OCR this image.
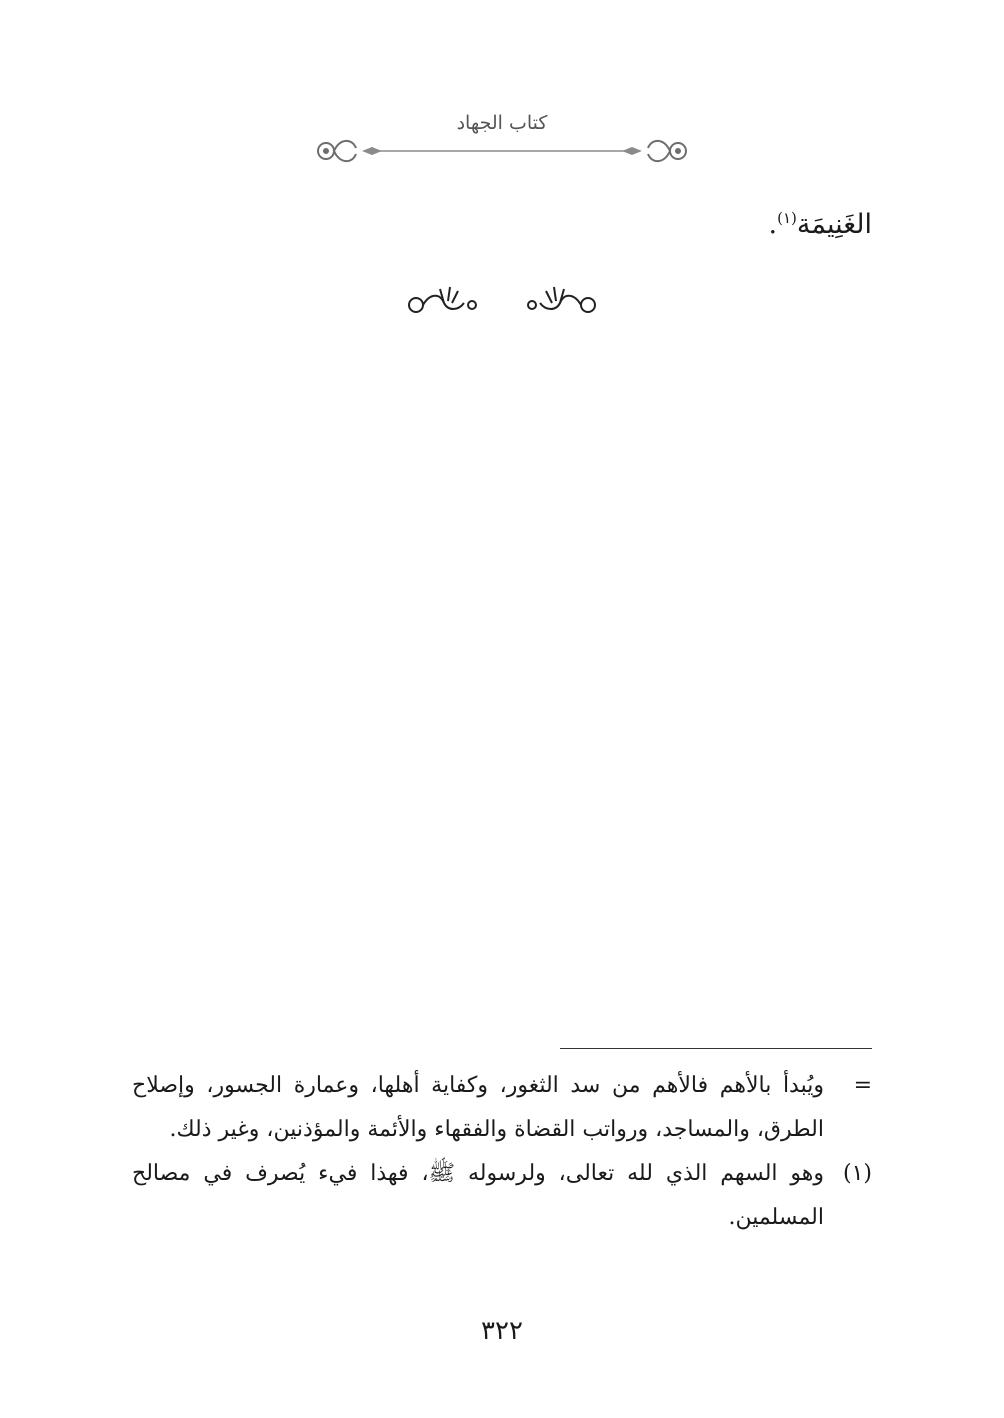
كتاب الجهاد
الغَنِيمَة$^{(١)}$.
=
ويُبدأ بالأهم فالأهم من سد الثغور، وكفاية أهلها، وعمارة الجسور، وإصلاح الطرق، والمساجد، ورواتب القضاة والفقهاء والأئمة والمؤذنين، وغير ذلك.
(١)
وهو السهم الذي لله تعالى، ولرسوله ﷺ، فهذا فيء يُصرف في مصالح المسلمين.
٣٢٢
